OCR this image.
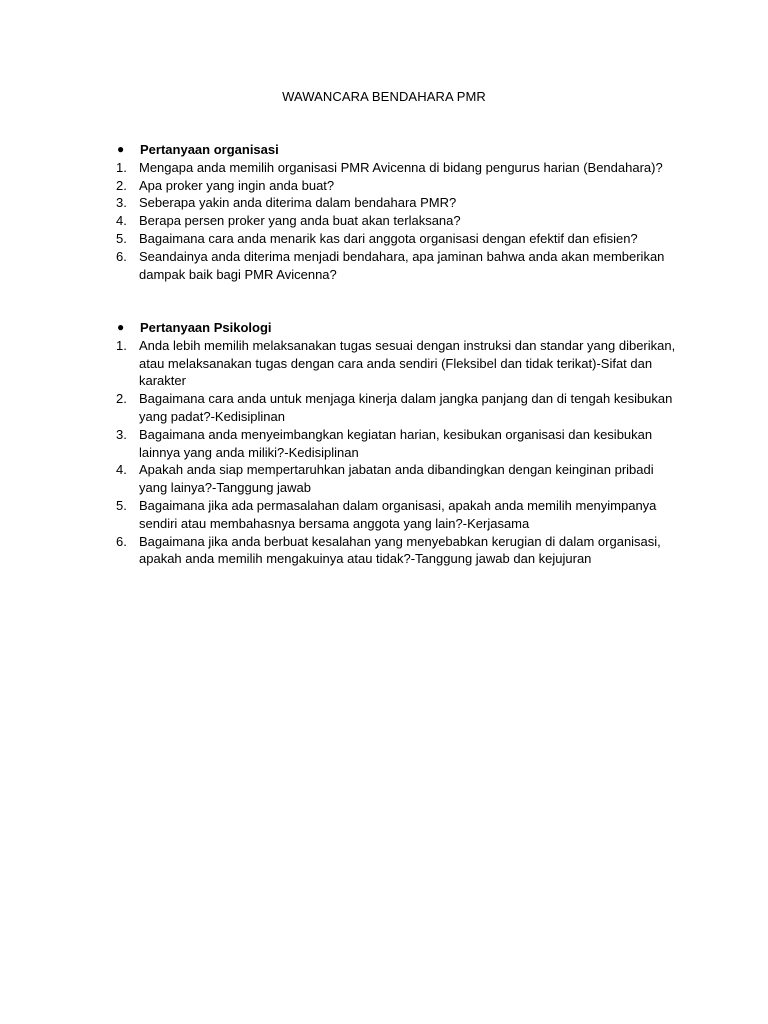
WAWANCARA BENDAHARA PMR
●	Pertanyaan organisasi
1. Mengapa anda memilih organisasi PMR Avicenna di bidang pengurus harian (Bendahara)?
2. Apa proker yang ingin anda buat?
3. Seberapa yakin anda diterima dalam bendahara PMR?
4. Berapa persen proker yang anda buat akan terlaksana?
5. Bagaimana cara anda menarik kas dari anggota organisasi dengan efektif dan efisien?
6. Seandainya anda diterima menjadi bendahara, apa jaminan bahwa anda akan memberikan dampak baik bagi PMR Avicenna?
●	Pertanyaan Psikologi
1. Anda lebih memilih melaksanakan tugas sesuai dengan instruksi dan standar yang diberikan, atau melaksanakan tugas dengan cara anda sendiri (Fleksibel dan tidak terikat)-Sifat dan karakter
2. Bagaimana cara anda untuk menjaga kinerja dalam jangka panjang dan di tengah kesibukan yang padat?-Kedisiplinan
3. Bagaimana anda menyeimbangkan kegiatan harian, kesibukan organisasi dan kesibukan lainnya yang anda miliki?-Kedisiplinan
4. Apakah anda siap mempertaruhkan jabatan anda dibandingkan dengan keinginan pribadi yang lainya?-Tanggung jawab
5. Bagaimana jika ada permasalahan dalam organisasi, apakah anda memilih menyimpanya sendiri atau membahasnya bersama anggota yang lain?-Kerjasama
6. Bagaimana jika anda berbuat kesalahan yang menyebabkan kerugian di dalam organisasi, apakah anda memilih mengakuinya atau tidak?-Tanggung jawab dan kejujuran
